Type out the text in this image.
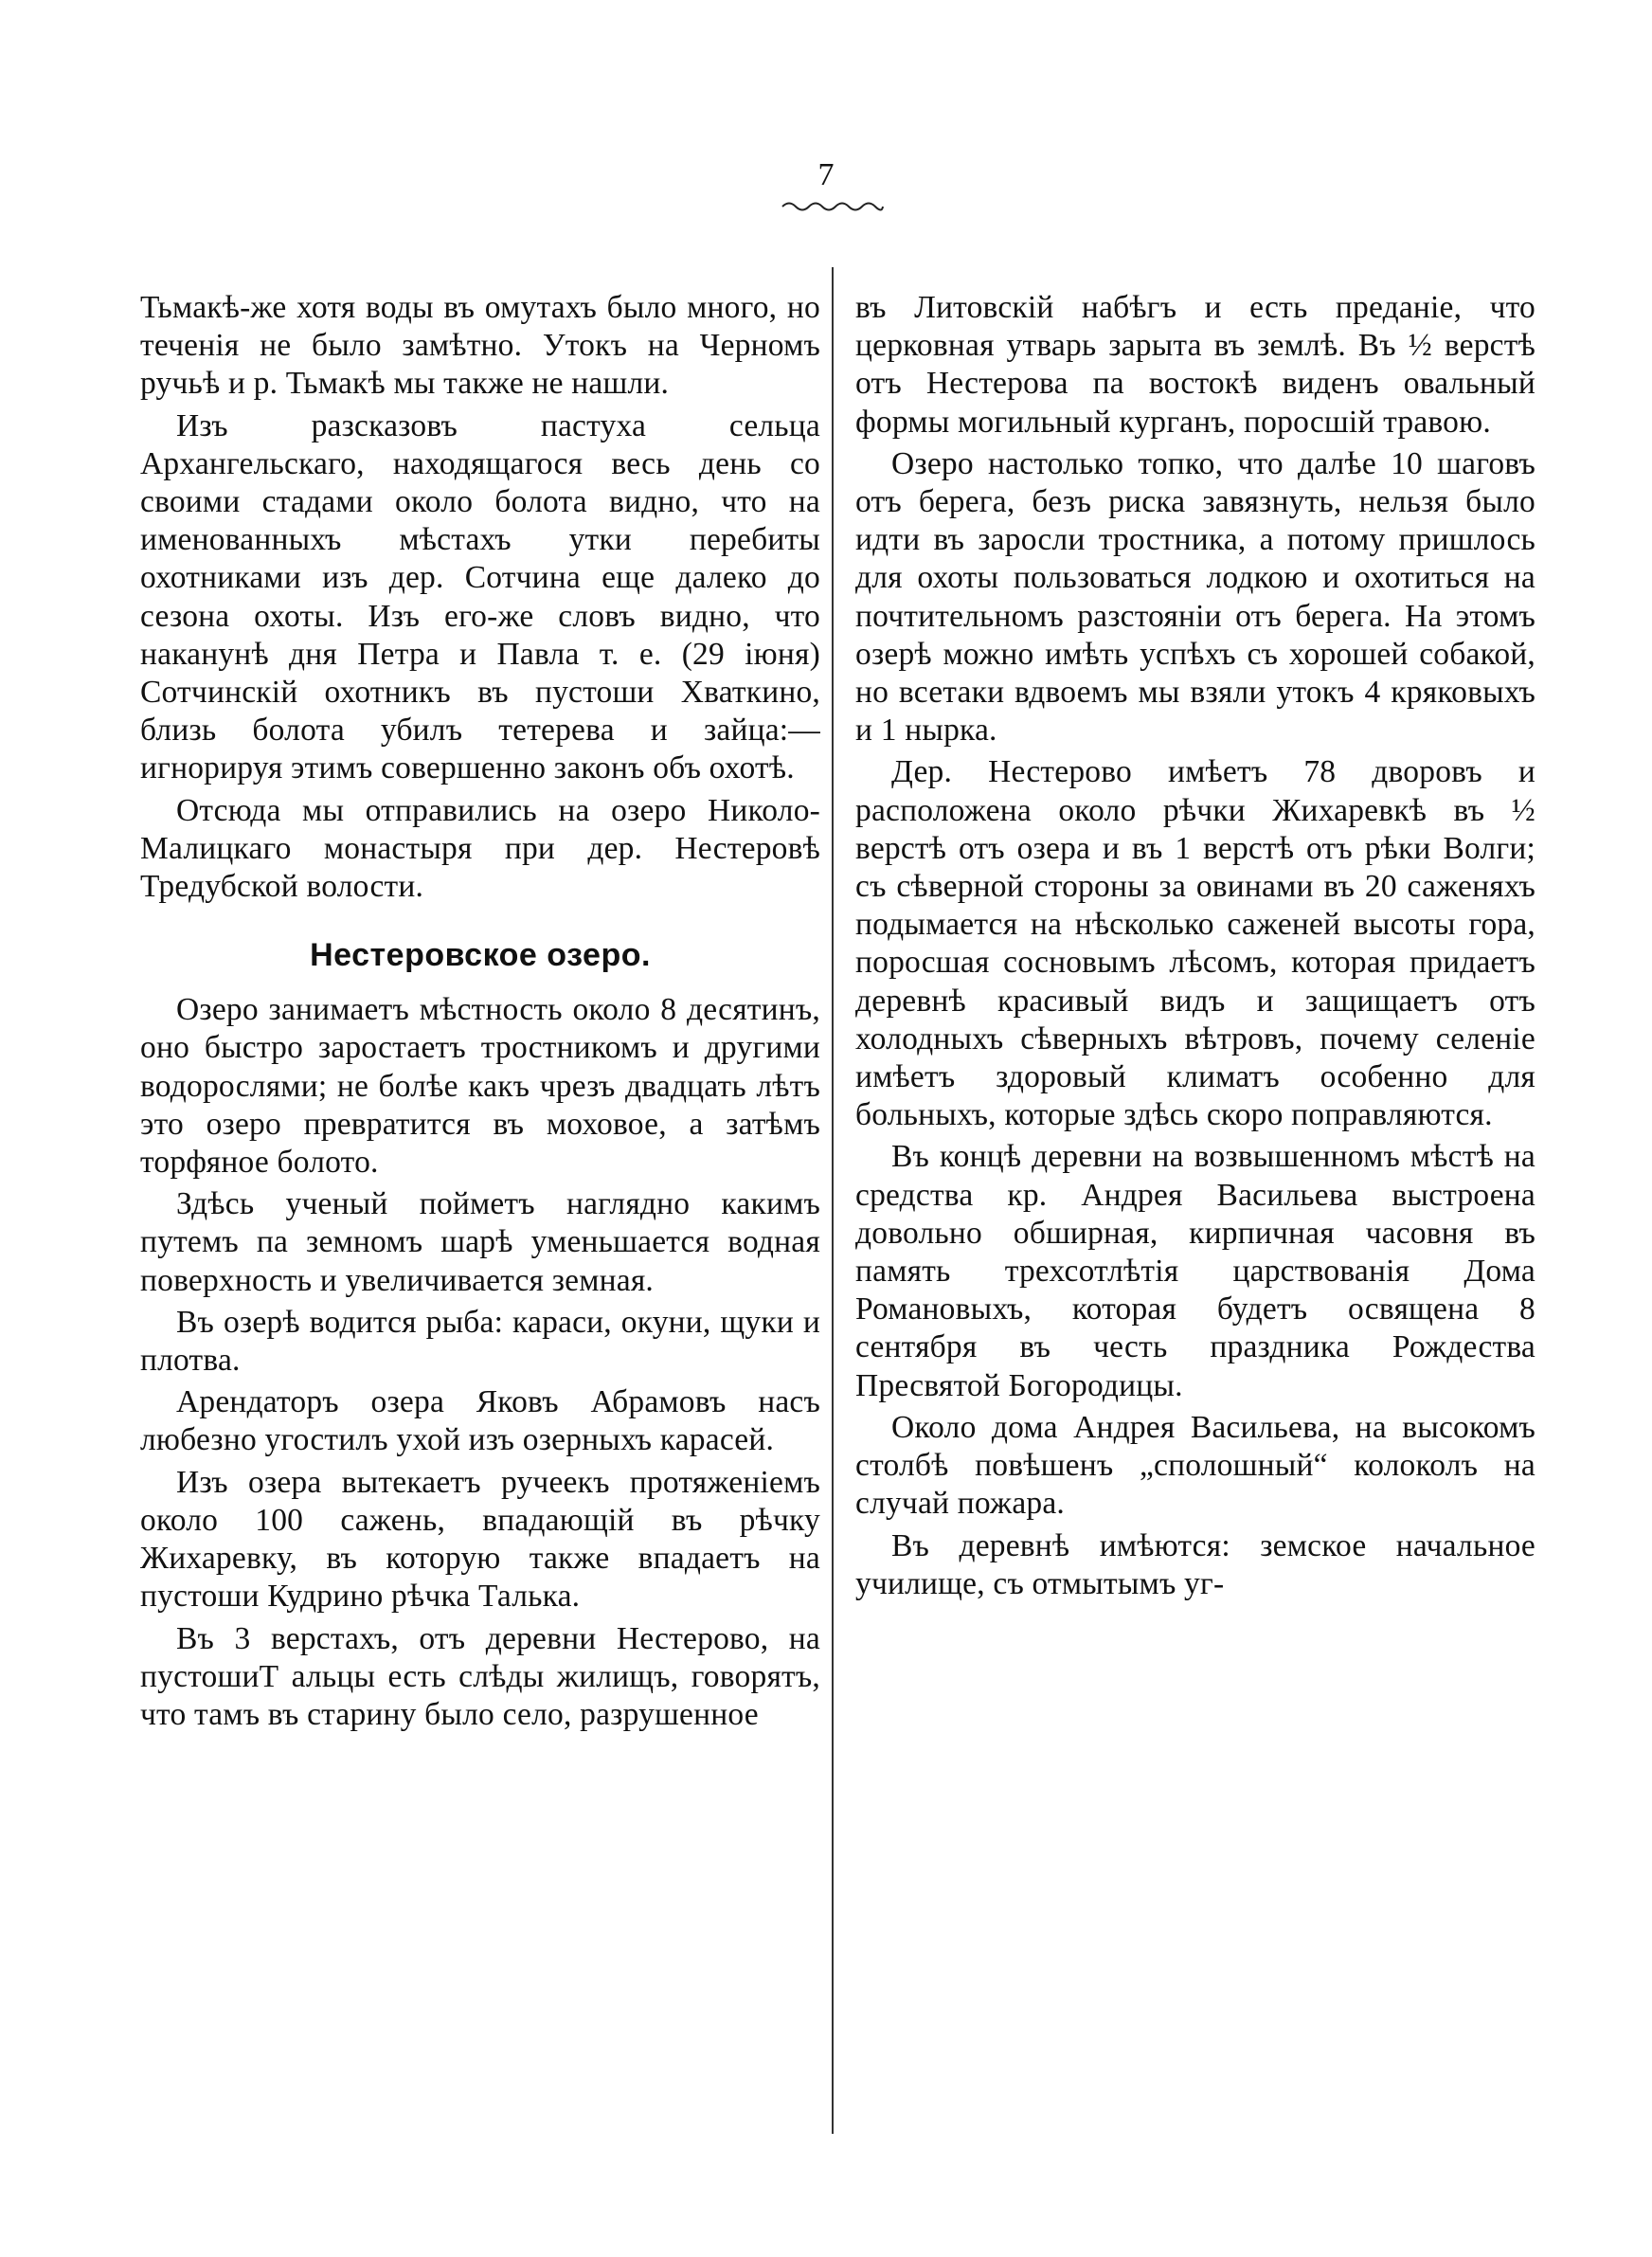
7

Тьмакѣ-же хотя воды въ омутахъ было много, но теченія не было замѣтно. Утокъ на Черномъ ручьѣ и р. Тьмакѣ мы также не нашли.

Изъ разсказовъ пастуха сельца Архангельскаго, находящагося весь день со своими стадами около болота видно, что на именованныхъ мѣстахъ утки перебиты охотниками изъ дер. Сотчина еще далеко до сезона охоты. Изъ его-же словъ видно, что наканунѣ дня Петра и Павла т. е. (29 іюня) Сотчинскій охотникъ въ пустоши Хваткино, близь болота убилъ тетерева и зайца:— игнорируя этимъ совершенно законъ объ охотѣ.

Отсюда мы отправились на озеро Николо-Малицкаго монастыря при дер. Нестеровѣ Тредубской волости.

Нестеровское озеро.

Озеро занимаетъ мѣстность около 8 десятинъ, оно быстро заростаетъ тростникомъ и другими водорослями; не болѣе какъ чрезъ двадцать лѣтъ это озеро превратится въ моховое, а затѣмъ торфяное болото.

Здѣсь ученый пойметъ наглядно какимъ путемъ па земномъ шарѣ уменьшается водная поверхность и увеличивается земная.

Въ озерѣ водится рыба: караси, окуни, щуки и плотва.

Арендаторъ озера Яковъ Абрамовъ насъ любезно угостилъ ухой изъ озерныхъ карасей.

Изъ озера вытекаетъ ручеекъ протяженіемъ около 100 сажень, впадающій въ рѣчку Жихаревку, въ которую также впадаетъ на пустоши Кудрино рѣчка Талька.

Въ 3 верстахъ, отъ деревни Нестерово, на пустошиТ альцы есть слѣды жилищъ, говорятъ, что тамъ въ старину было село, разрушенное

въ Литовскій набѣгъ и есть преданіе, что церковная утварь зарыта въ землѣ. Въ ½ верстѣ отъ Нестерова па востокѣ виденъ овальный формы могильный курганъ, поросшій травою.

Озеро настолько топко, что далѣе 10 шаговъ отъ берега, безъ риска завязнуть, нельзя было идти въ заросли тростника, а потому пришлось для охоты пользоваться лодкою и охотиться на почтительномъ разстояніи отъ берега. На этомъ озерѣ можно имѣть успѣхъ съ хорошей собакой, но всетаки вдвоемъ мы взяли утокъ 4 кряковыхъ и 1 нырка.

Дер. Нестерово имѣетъ 78 дворовъ и расположена около рѣчки Жихаревкѣ въ ½ верстѣ отъ озера и въ 1 верстѣ отъ рѣки Волги; съ сѣверной стороны за овинами въ 20 саженяхъ подымается на нѣсколько саженей высоты гора, поросшая сосновымъ лѣсомъ, которая придаетъ деревнѣ красивый видъ и защищаетъ отъ холодныхъ сѣверныхъ вѣтровъ, почему селеніе имѣетъ здоровый климатъ особенно для больныхъ, которые здѣсь скоро поправляются.

Въ концѣ деревни на возвышенномъ мѣстѣ на средства кр. Андрея Васильева выстроена довольно обширная, кирпичная часовня въ память трехсотлѣтія царствованія Дома Романовыхъ, которая будетъ освящена 8 сентября въ честь праздника Рождества Пресвятой Богородицы.

Около дома Андрея Васильева, на высокомъ столбѣ повѣшенъ „сполошный“ колоколъ на случай пожара.

Въ деревнѣ имѣются: земское начальное училище, съ отмытымъ уг-
